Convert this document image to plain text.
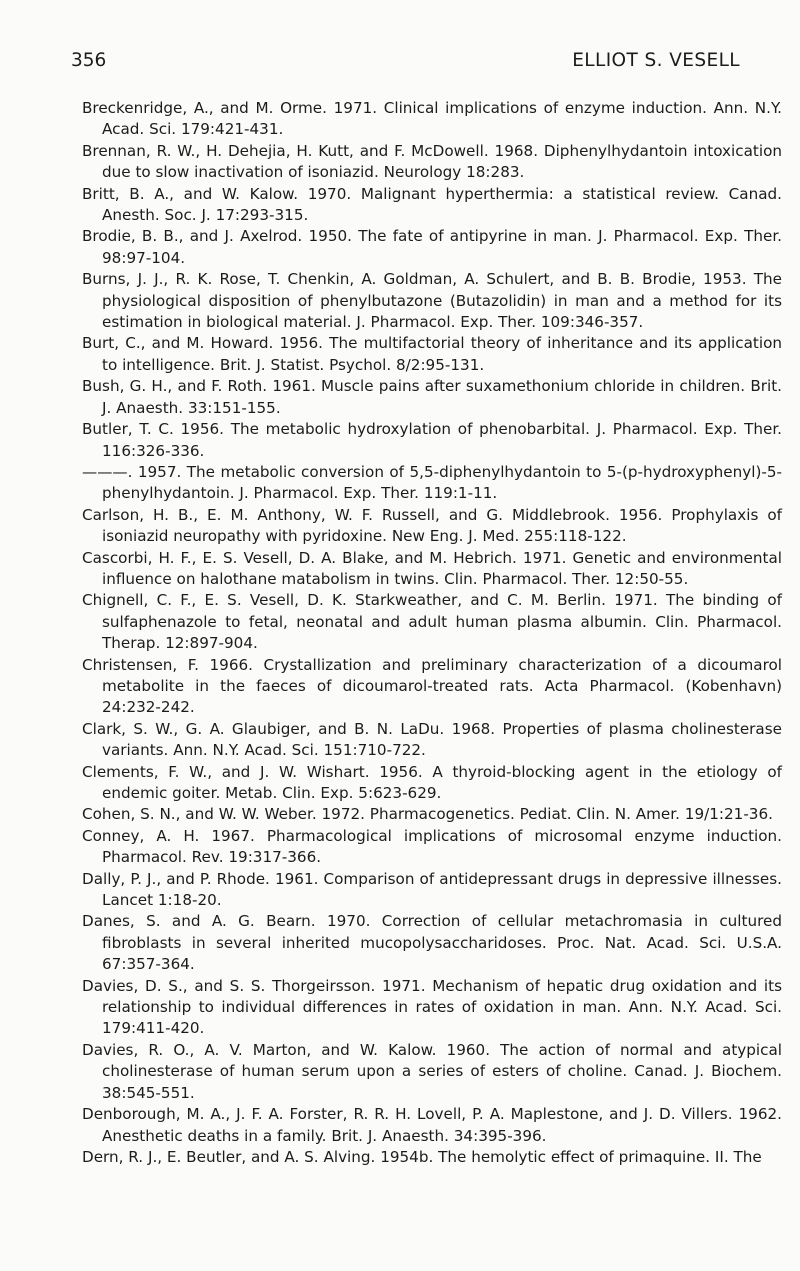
356	ELLIOT S. VESELL
Breckenridge, A., and M. Orme. 1971. Clinical implications of enzyme induction. Ann. N.Y. Acad. Sci. 179:421-431.
Brennan, R. W., H. Dehejia, H. Kutt, and F. McDowell. 1968. Diphenylhydantoin intoxication due to slow inactivation of isoniazid. Neurology 18:283.
Britt, B. A., and W. Kalow. 1970. Malignant hyperthermia: a statistical review. Canad. Anesth. Soc. J. 17:293-315.
Brodie, B. B., and J. Axelrod. 1950. The fate of antipyrine in man. J. Pharmacol. Exp. Ther. 98:97-104.
Burns, J. J., R. K. Rose, T. Chenkin, A. Goldman, A. Schulert, and B. B. Brodie, 1953. The physiological disposition of phenylbutazone (Butazolidin) in man and a method for its estimation in biological material. J. Pharmacol. Exp. Ther. 109:346-357.
Burt, C., and M. Howard. 1956. The multifactorial theory of inheritance and its application to intelligence. Brit. J. Statist. Psychol. 8/2:95-131.
Bush, G. H., and F. Roth. 1961. Muscle pains after suxamethonium chloride in children. Brit. J. Anaesth. 33:151-155.
Butler, T. C. 1956. The metabolic hydroxylation of phenobarbital. J. Pharmacol. Exp. Ther. 116:326-336.
———. 1957. The metabolic conversion of 5,5-diphenylhydantoin to 5-(p-hydroxyphenyl)-5-phenylhydantoin. J. Pharmacol. Exp. Ther. 119:1-11.
Carlson, H. B., E. M. Anthony, W. F. Russell, and G. Middlebrook. 1956. Prophylaxis of isoniazid neuropathy with pyridoxine. New Eng. J. Med. 255:118-122.
Cascorbi, H. F., E. S. Vesell, D. A. Blake, and M. Hebrich. 1971. Genetic and environmental influence on halothane matabolism in twins. Clin. Pharmacol. Ther. 12:50-55.
Chignell, C. F., E. S. Vesell, D. K. Starkweather, and C. M. Berlin. 1971. The binding of sulfaphenazole to fetal, neonatal and adult human plasma albumin. Clin. Pharmacol. Therap. 12:897-904.
Christensen, F. 1966. Crystallization and preliminary characterization of a dicoumarol metabolite in the faeces of dicoumarol-treated rats. Acta Pharmacol. (Kobenhavn) 24:232-242.
Clark, S. W., G. A. Glaubiger, and B. N. LaDu. 1968. Properties of plasma cholinesterase variants. Ann. N.Y. Acad. Sci. 151:710-722.
Clements, F. W., and J. W. Wishart. 1956. A thyroid-blocking agent in the etiology of endemic goiter. Metab. Clin. Exp. 5:623-629.
Cohen, S. N., and W. W. Weber. 1972. Pharmacogenetics. Pediat. Clin. N. Amer. 19/1:21-36.
Conney, A. H. 1967. Pharmacological implications of microsomal enzyme induction. Pharmacol. Rev. 19:317-366.
Dally, P. J., and P. Rhode. 1961. Comparison of antidepressant drugs in depressive illnesses. Lancet 1:18-20.
Danes, S. and A. G. Bearn. 1970. Correction of cellular metachromasia in cultured fibroblasts in several inherited mucopolysaccharidoses. Proc. Nat. Acad. Sci. U.S.A. 67:357-364.
Davies, D. S., and S. S. Thorgeirsson. 1971. Mechanism of hepatic drug oxidation and its relationship to individual differences in rates of oxidation in man. Ann. N.Y. Acad. Sci. 179:411-420.
Davies, R. O., A. V. Marton, and W. Kalow. 1960. The action of normal and atypical cholinesterase of human serum upon a series of esters of choline. Canad. J. Biochem. 38:545-551.
Denborough, M. A., J. F. A. Forster, R. R. H. Lovell, P. A. Maplestone, and J. D. Villers. 1962. Anesthetic deaths in a family. Brit. J. Anaesth. 34:395-396.
Dern, R. J., E. Beutler, and A. S. Alving. 1954b. The hemolytic effect of primaquine. II. The
